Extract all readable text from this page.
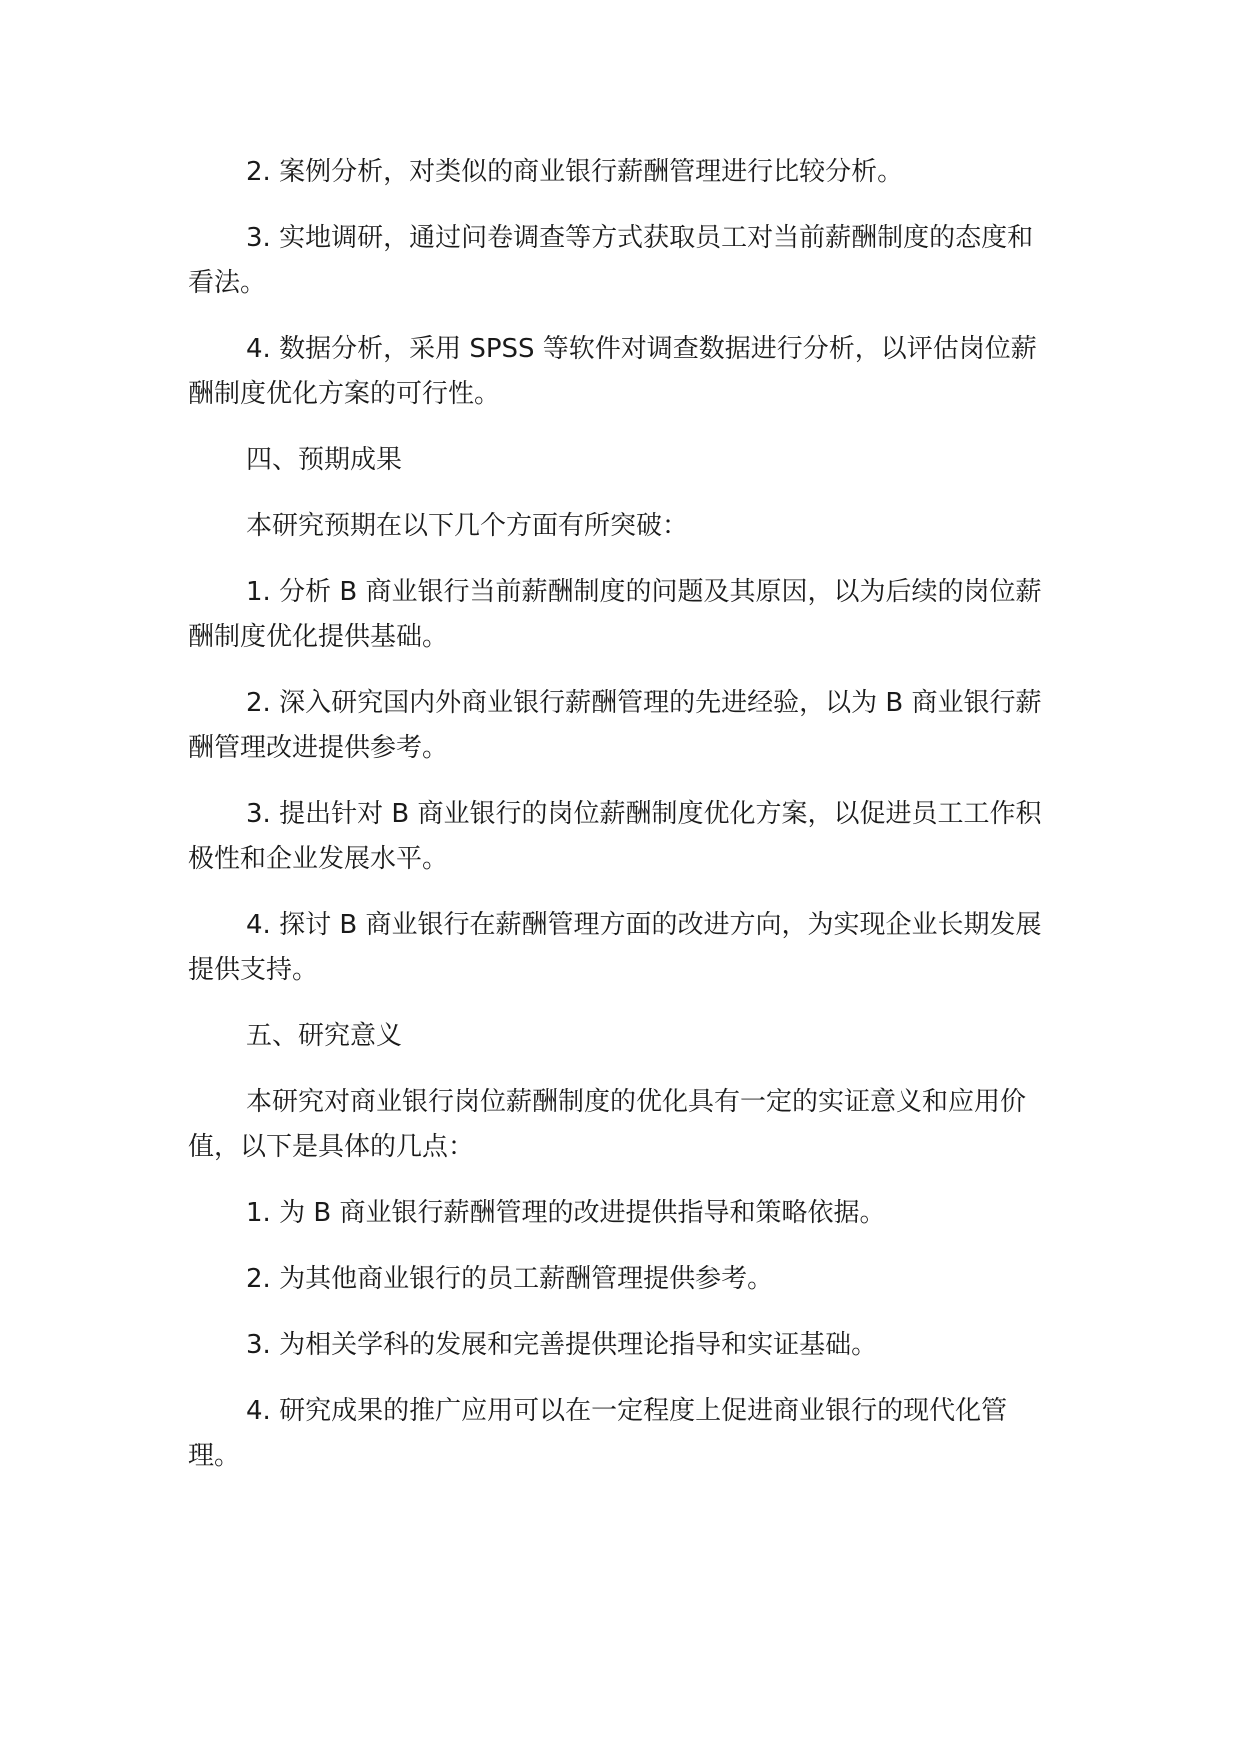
2. 案例分析，对类似的商业银行薪酬管理进行比较分析。

3. 实地调研，通过问卷调查等方式获取员工对当前薪酬制度的态度和看法。

4. 数据分析，采用 SPSS 等软件对调查数据进行分析，以评估岗位薪酬制度优化方案的可行性。

四、预期成果

本研究预期在以下几个方面有所突破：

1. 分析 B 商业银行当前薪酬制度的问题及其原因，以为后续的岗位薪酬制度优化提供基础。

2. 深入研究国内外商业银行薪酬管理的先进经验，以为 B 商业银行薪酬管理改进提供参考。

3. 提出针对 B 商业银行的岗位薪酬制度优化方案，以促进员工工作积极性和企业发展水平。

4. 探讨 B 商业银行在薪酬管理方面的改进方向，为实现企业长期发展提供支持。

五、研究意义

本研究对商业银行岗位薪酬制度的优化具有一定的实证意义和应用价值，以下是具体的几点：

1. 为 B 商业银行薪酬管理的改进提供指导和策略依据。

2. 为其他商业银行的员工薪酬管理提供参考。

3. 为相关学科的发展和完善提供理论指导和实证基础。

4. 研究成果的推广应用可以在一定程度上促进商业银行的现代化管理。
